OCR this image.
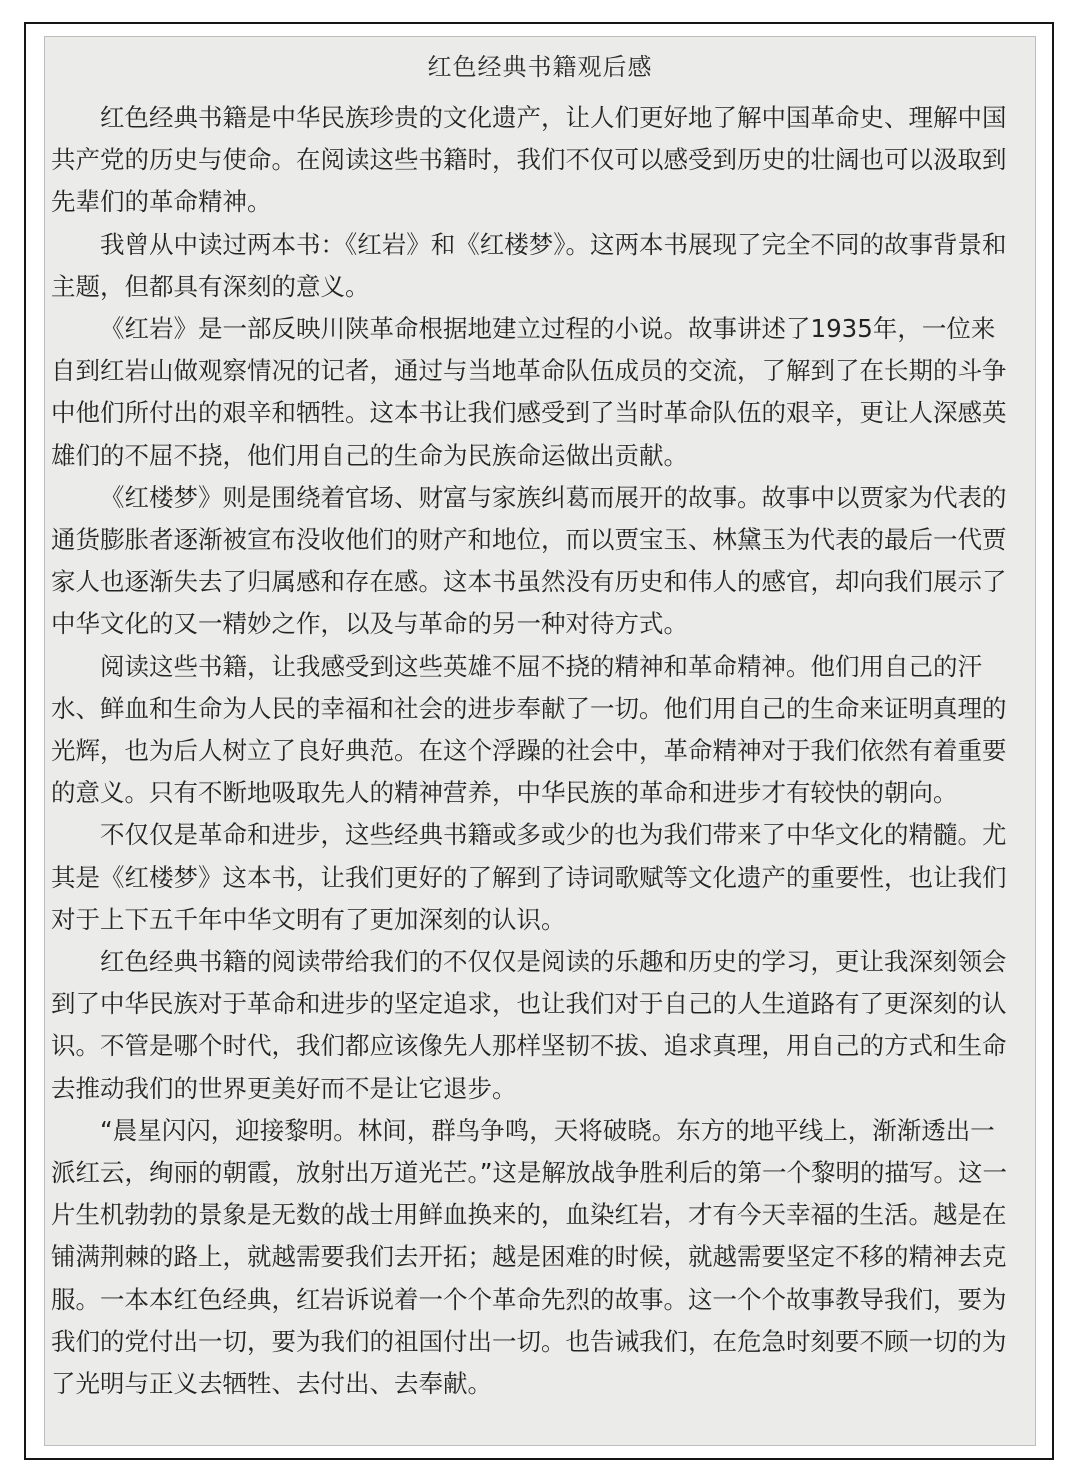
红色经典书籍观后感

红色经典书籍是中华民族珍贵的文化遗产，让人们更好地了解中国革命史、理解中国共产党的历史与使命。在阅读这些书籍时，我们不仅可以感受到历史的壮阔也可以汲取到先辈们的革命精神。

我曾从中读过两本书：《红岩》和《红楼梦》。这两本书展现了完全不同的故事背景和主题，但都具有深刻的意义。

《红岩》是一部反映川陕革命根据地建立过程的小说。故事讲述了1935年，一位来自到红岩山做观察情况的记者，通过与当地革命队伍成员的交流，了解到了在长期的斗争中他们所付出的艰辛和牺牲。这本书让我们感受到了当时革命队伍的艰辛，更让人深感英雄们的不屈不挠，他们用自己的生命为民族命运做出贡献。

《红楼梦》则是围绕着官场、财富与家族纠葛而展开的故事。故事中以贾家为代表的通货膨胀者逐渐被宣布没收他们的财产和地位，而以贾宝玉、林黛玉为代表的最后一代贾家人也逐渐失去了归属感和存在感。这本书虽然没有历史和伟人的感官，却向我们展示了中华文化的又一精妙之作，以及与革命的另一种对待方式。

阅读这些书籍，让我感受到这些英雄不屈不挠的精神和革命精神。他们用自己的汗水、鲜血和生命为人民的幸福和社会的进步奉献了一切。他们用自己的生命来证明真理的光辉，也为后人树立了良好典范。在这个浮躁的社会中，革命精神对于我们依然有着重要的意义。只有不断地吸取先人的精神营养，中华民族的革命和进步才有较快的朝向。

不仅仅是革命和进步，这些经典书籍或多或少的也为我们带来了中华文化的精髓。尤其是《红楼梦》这本书，让我们更好的了解到了诗词歌赋等文化遗产的重要性，也让我们对于上下五千年中华文明有了更加深刻的认识。

红色经典书籍的阅读带给我们的不仅仅是阅读的乐趣和历史的学习，更让我深刻领会到了中华民族对于革命和进步的坚定追求，也让我们对于自己的人生道路有了更深刻的认识。不管是哪个时代，我们都应该像先人那样坚韧不拔、追求真理，用自己的方式和生命去推动我们的世界更美好而不是让它退步。

“晨星闪闪，迎接黎明。林间，群鸟争鸣，天将破晓。东方的地平线上，渐渐透出一派红云，绚丽的朝霞，放射出万道光芒。”这是解放战争胜利后的第一个黎明的描写。这一片生机勃勃的景象是无数的战士用鲜血换来的，血染红岩，才有今天幸福的生活。越是在铺满荆棘的路上，就越需要我们去开拓；越是困难的时候，就越需要坚定不移的精神去克服。一本本红色经典，红岩诉说着一个个革命先烈的故事。这一个个故事教导我们，要为我们的党付出一切，要为我们的祖国付出一切。也告诫我们，在危急时刻要不顾一切的为了光明与正义去牺牲、去付出、去奉献。
